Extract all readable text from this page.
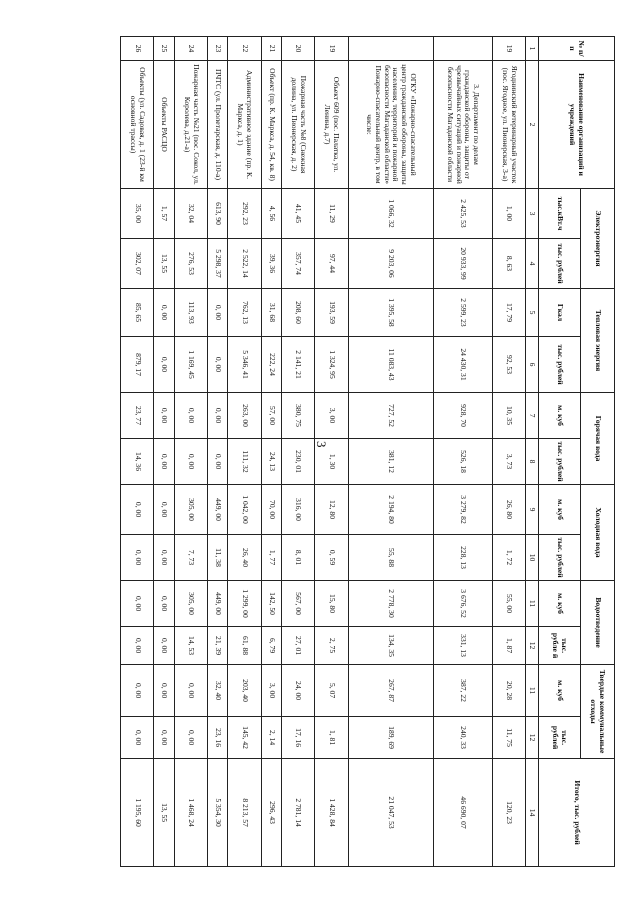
3
№ п/п	Наименование организаций и учреждений	Электроэнергия		Тепловая энергия		Горячая вода		Холодная вода		Водоотведение		Твердые коммунальные отходы		Итого, тыс. рублей
		тыс.кВт.ч	тыс. рублей	Гкал	тыс. рублей	м. куб	тыс. рублей	м. куб	тыс. рублей	м. куб	тыс. рубле й	м. куб	тыс. рублей	
1	2	3	4	5	6	7	8	9	10	11	12	11	12	14
19	Ягоднинский ветеринарный участок (пос. Ягодное, ул. Пионерская, 3-а)	1, 00	8, 63	17, 79	92, 53	10, 35	3, 73	26, 80	1, 72	55, 00	1, 87	20, 28	11, 75	120, 23
	3. Департамент по делам гражданской обороны, защиты от чрезвычайных ситуаций и пожарной безопасности Магаданской области	2 425, 53	20 933, 99	2 599, 23	24 430, 31	928, 70	526, 18	3 279, 82	228, 13	3 676, 52	331, 13	387, 22	240, 33	46 690, 07
	ОГКУ «Пожарно-спасательный центр гражданской обороны, защиты населения, территорий и пожарной безопасности Магаданской области» Пожарно-спасательный центр, в том числе:	1 066, 32	9 203, 06	1 395, 58	11 083, 43	727, 52	381, 12	2 194, 80	55, 88	2 778, 30	134, 35	267, 87	189, 69	21 047, 53
19	Объект 609 (пос. Палатка, ул. Ленина, д.7)	11, 29	97, 44	193, 59	1 324, 95	3, 00	1, 30	12, 80	0, 59	15, 80	2, 75	5, 07	1, 81	1 428, 84
20	Пожарная часть №8 (Снежная долина, ул. Пионерская, д. 2)	41, 45	357, 74	208, 60	2 141, 21	380, 75	230, 01	316, 00	8, 01	567, 00	27, 01	24, 00	17, 16	2 781, 14
21	Объект (пр. К. Маркса, д. 54, кв. 8)	4, 56	39, 36	31, 68	222, 24	57, 00	24, 13	70, 00	1, 77	142, 50	6, 79	3, 00	2, 14	296, 43
22	Административное здание (пр. К. Маркса, д. 1)	292, 23	2 522, 14	762, 13	5 346, 41	263, 00	111, 32	1 042, 00	26, 40	1 299, 00	61, 88	203, 40	145, 42	8 213, 57
23	ПЧТС (ул. Пролетарская, д. 110-а)	613, 90	5 298, 37	0, 00	0, 00	0, 00	0, 00	449, 00	11, 38	449, 00	21, 39	32, 40	23, 16	5 354, 30
24	Пожарная часть №21 (пос. Сокол, ул. Королева, д.21-а)	32, 04	276, 53	113, 93	1 169, 45	0, 00	0, 00	305, 00	7, 73	305, 00	14, 53	0, 00	0, 00	1 468, 24
25	Объекты РАСЦО	1, 57	13, 55	0, 00	0, 00	0, 00	0, 00	0, 00	0, 00	0, 00	0, 00	0, 00	0, 00	13, 55
26	Объекты (ул. Садовая, д. 1 (23-й км основной трассы)	35, 00	302, 07	85, 65	879, 17	23, 77	14, 36	0, 00	0, 00	0, 00	0, 00	0, 00	0, 00	1 195, 60
